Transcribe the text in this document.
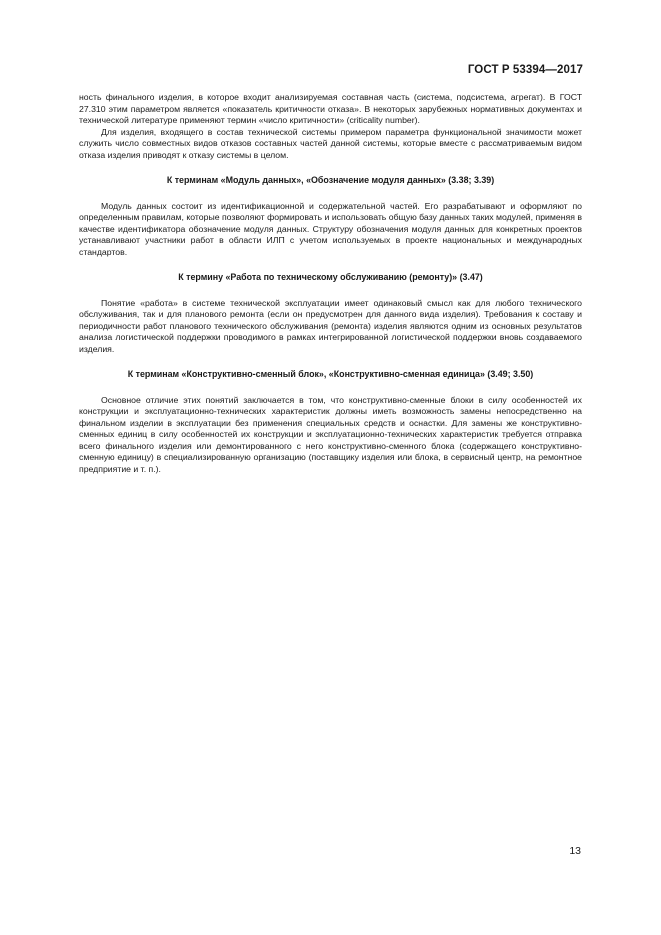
ГОСТ Р 53394—2017

ность финального изделия, в которое входит анализируемая составная часть (система, подсистема, агрегат). В ГОСТ 27.310 этим параметром является «показатель критичности отказа». В некоторых зарубежных нормативных документах и технической литературе применяют термин «число критичности» (criticality number).

Для изделия, входящего в состав технической системы примером параметра функциональной значимости может служить число совместных видов отказов составных частей данной системы, которые вместе с рассматриваемым видом отказа изделия приводят к отказу системы в целом.

К терминам «Модуль данных», «Обозначение модуля данных» (3.38; 3.39)

Модуль данных состоит из идентификационной и содержательной частей. Его разрабатывают и оформляют по определенным правилам, которые позволяют формировать и использовать общую базу данных таких модулей, применяя в качестве идентификатора обозначение модуля данных. Структуру обозначения модуля данных для конкретных проектов устанавливают участники работ в области ИЛП с учетом используемых в проекте национальных и международных стандартов.

К термину «Работа по техническому обслуживанию (ремонту)» (3.47)

Понятие «работа» в системе технической эксплуатации имеет одинаковый смысл как для любого технического обслуживания, так и для планового ремонта (если он предусмотрен для данного вида изделия). Требования к составу и периодичности работ планового технического обслуживания (ремонта) изделия являются одним из основных результатов анализа логистической поддержки проводимого в рамках интегрированной логистической поддержки вновь создаваемого изделия.

К терминам «Конструктивно-сменный блок», «Конструктивно-сменная единица» (3.49; 3.50)

Основное отличие этих понятий заключается в том, что конструктивно-сменные блоки в силу особенностей их конструкции и эксплуатационно-технических характеристик должны иметь возможность замены непосредственно на финальном изделии в эксплуатации без применения специальных средств и оснастки. Для замены же конструктивно-сменных единиц в силу особенностей их конструкции и эксплуатационно-технических характеристик требуется отправка всего финального изделия или демонтированного с него конструктивно-сменного блока (содержащего конструктивно-сменную единицу) в специализированную организацию (поставщику изделия или блока, в сервисный центр, на ремонтное предприятие и т. п.).

13
